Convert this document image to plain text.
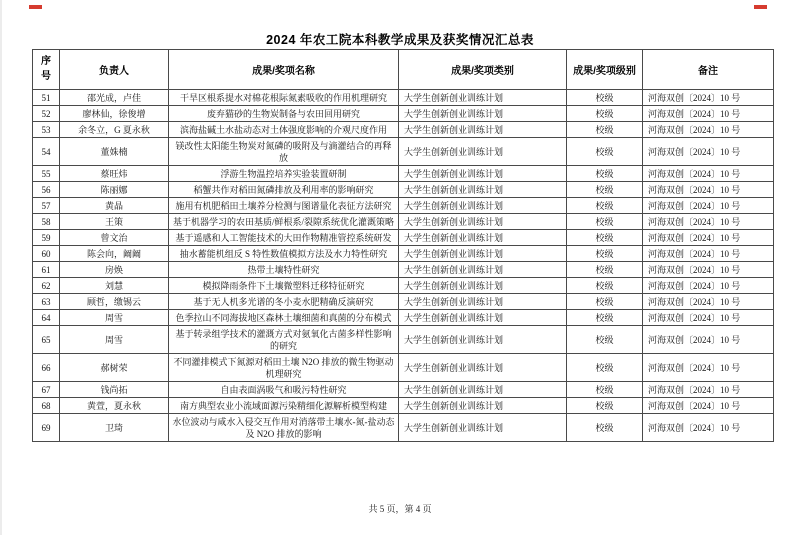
2024 年农工院本科教学成果及获奖情况汇总表
序号	负责人	成果/奖项名称	成果/奖项类别	成果/奖项级别	备注
51	邵光成，卢佳	干旱区根系提水对棉花根际氮素吸收的作用机理研究	大学生创新创业训练计划	校级	河海双创〔2024〕10 号
52	廖林仙，徐俊增	废弃猫砂的生物炭制备与农田回用研究	大学生创新创业训练计划	校级	河海双创〔2024〕10 号
53	余冬立，G 夏永秋	滨海盐碱土水盐动态对土体强度影响的介观尺度作用	大学生创新创业训练计划	校级	河海双创〔2024〕10 号
54	董姝楠	镁改性太阳能生物炭对氮磷的吸附及与滴灌结合的再释放	大学生创新创业训练计划	校级	河海双创〔2024〕10 号
55	蔡旺炜	浮游生物温控培养实验装置研制	大学生创新创业训练计划	校级	河海双创〔2024〕10 号
56	陈丽娜	稻蟹共作对稻田氮磷排放及利用率的影响研究	大学生创新创业训练计划	校级	河海双创〔2024〕10 号
57	黄晶	施用有机肥稻田土壤养分检测与图谱量化表征方法研究	大学生创新创业训练计划	校级	河海双创〔2024〕10 号
58	王策	基于机器学习的农田基质/鲜根系/裂隙系统优化灌溉策略	大学生创新创业训练计划	校级	河海双创〔2024〕10 号
59	曾文治	基于遥感和人工智能技术的大田作物精准管控系统研发	大学生创新创业训练计划	校级	河海双创〔2024〕10 号
60	陈会向，阚阚	抽水蓄能机组反 S 特性数值模拟方法及水力特性研究	大学生创新创业训练计划	校级	河海双创〔2024〕10 号
61	房焕	热带土壤特性研究	大学生创新创业训练计划	校级	河海双创〔2024〕10 号
62	刘慧	模拟降雨条件下土壤微塑料迁移特征研究	大学生创新创业训练计划	校级	河海双创〔2024〕10 号
63	顾哲，缴锡云	基于无人机多光谱的冬小麦水肥精确反演研究	大学生创新创业训练计划	校级	河海双创〔2024〕10 号
64	周雪	色季拉山不同海拔地区森林土壤细菌和真菌的分布模式	大学生创新创业训练计划	校级	河海双创〔2024〕10 号
65	周雪	基于转录组学技术的灌溉方式对氨氧化古菌多样性影响的研究	大学生创新创业训练计划	校级	河海双创〔2024〕10 号
66	郝树荣	不同灌排模式下氮源对稻田土壤 N2O 排放的微生物驱动机理研究	大学生创新创业训练计划	校级	河海双创〔2024〕10 号
67	钱尚拓	自由表面涡吸气和吸污特性研究	大学生创新创业训练计划	校级	河海双创〔2024〕10 号
68	黄萱，夏永秋	南方典型农业小流域面源污染精细化源解析模型构建	大学生创新创业训练计划	校级	河海双创〔2024〕10 号
69	卫琦	水位波动与咸水入侵交互作用对消落带土壤水-氮-盐动态及 N2O 排放的影响	大学生创新创业训练计划	校级	河海双创〔2024〕10 号
共 5 页，第 4 页
